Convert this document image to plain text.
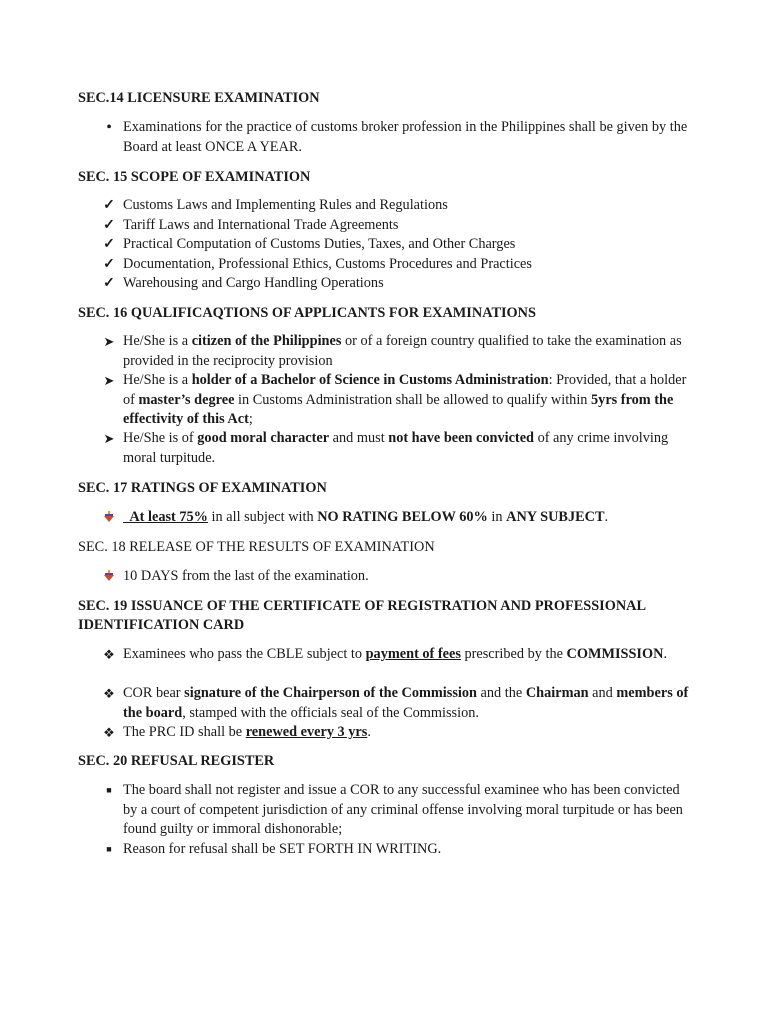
SEC.14 LICENSURE EXAMINATION
• Examinations for the practice of customs broker profession in the Philippines shall be given by the Board at least ONCE A YEAR.
SEC. 15 SCOPE OF EXAMINATION
✓ Customs Laws and Implementing Rules and Regulations
✓ Tariff Laws and International Trade Agreements
✓ Practical Computation of Customs Duties, Taxes, and Other Charges
✓ Documentation, Professional Ethics, Customs Procedures and Practices
✓ Warehousing and Cargo Handling Operations
SEC. 16 QUALIFICAQTIONS OF APPLICANTS FOR EXAMINATIONS
➤ He/She is a citizen of the Philippines or of a foreign country qualified to take the examination as provided in the reciprocity provision
➤ He/She is a holder of a Bachelor of Science in Customs Administration: Provided, that a holder of master’s degree in Customs Administration shall be allowed to qualify within 5yrs from the effectivity of this Act;
➤ He/She is of good moral character and must not have been convicted of any crime involving moral turpitude.
SEC. 17 RATINGS OF EXAMINATION
At least 75% in all subject with NO RATING BELOW 60% in ANY SUBJECT.
SEC. 18 RELEASE OF THE RESULTS OF EXAMINATION
10 DAYS from the last of the examination.
SEC. 19 ISSUANCE OF THE CERTIFICATE OF REGISTRATION AND PROFESSIONAL IDENTIFICATION CARD
❖ Examinees who pass the CBLE subject to payment of fees prescribed by the COMMISSION.
❖ COR bear signature of the Chairperson of the Commission and the Chairman and members of the board, stamped with the officials seal of the Commission.
❖ The PRC ID shall be renewed every 3 yrs.
SEC. 20 REFUSAL REGISTER
■ The board shall not register and issue a COR to any successful examinee who has been convicted by a court of competent jurisdiction of any criminal offense involving moral turpitude or has been found guilty or immoral dishonorable;
■ Reason for refusal shall be SET FORTH IN WRITING.
